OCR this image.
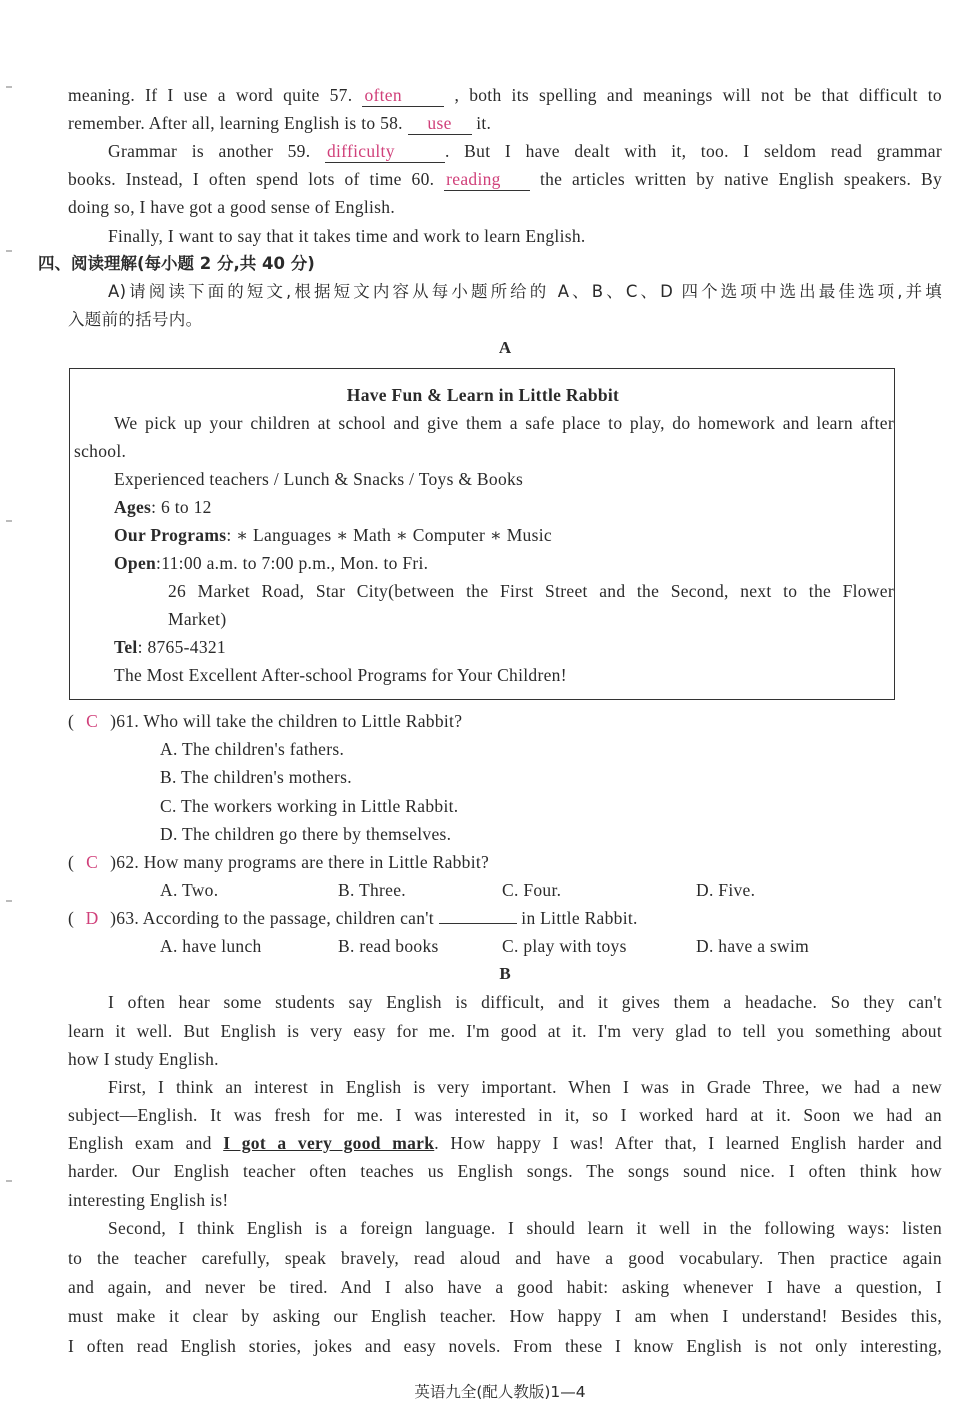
meaning. If I use a word quite 57. often	, both its spelling and meanings will not be that difficult to
remember. After all, learning English is to 58. use it.
Grammar is another 59. difficulty	. But I have dealt with it, too. I seldom read grammar
books. Instead, I often spend lots of time 60. reading the articles written by native English speakers. By
doing so, I have got a good sense of English.
Finally, I want to say that it takes time and work to learn English.
四、阅读理解(每小题 2 分,共 40 分)
A)请阅读下面的短文,根据短文内容从每小题所给的 A、B、C、D 四个选项中选出最佳选项,并填
入题前的括号内。
A
Have Fun & Learn in Little Rabbit
We pick up your children at school and give them a safe place to play, do homework and learn after
school.
Experienced teachers / Lunch & Snacks / Toys & Books
Ages: 6 to 12
Our Programs: ∗ Languages ∗ Math ∗ Computer ∗ Music
Open:11:00 a.m. to 7:00 p.m., Mon. to Fri.
26 Market Road, Star City(between the First Street and the Second, next to the Flower
Market)
Tel: 8765-4321
The Most Excellent After-school Programs for Your Children!
( C )61. Who will take the children to Little Rabbit?
A. The children's fathers.
B. The children's mothers.
C. The workers working in Little Rabbit.
D. The children go there by themselves.
( C )62. How many programs are there in Little Rabbit?
A. Two.	B. Three.	C. Four.	D. Five.
( D )63. According to the passage, children can't	in Little Rabbit.
A. have lunch	B. read books	C. play with toys	D. have a swim
B
I often hear some students say English is difficult, and it gives them a headache. So they can't
learn it well. But English is very easy for me. I'm good at it. I'm very glad to tell you something about
how I study English.
First, I think an interest in English is very important. When I was in Grade Three, we had a new
subject—English. It was fresh for me. I was interested in it, so I worked hard at it. Soon we had an
English exam and I got a very good mark. How happy I was! After that, I learned English harder and
harder. Our English teacher often teaches us English songs. The songs sound nice. I often think how
interesting English is!
Second, I think English is a foreign language. I should learn it well in the following ways: listen
to the teacher carefully, speak bravely, read aloud and have a good vocabulary. Then practice again
and again, and never be tired. And I also have a good habit: asking whenever I have a question, I
must make it clear by asking our English teacher. How happy I am when I understand! Besides this,
I often read English stories, jokes and easy novels. From these I know English is not only interesting,
英语九全(配人教版)1—4
